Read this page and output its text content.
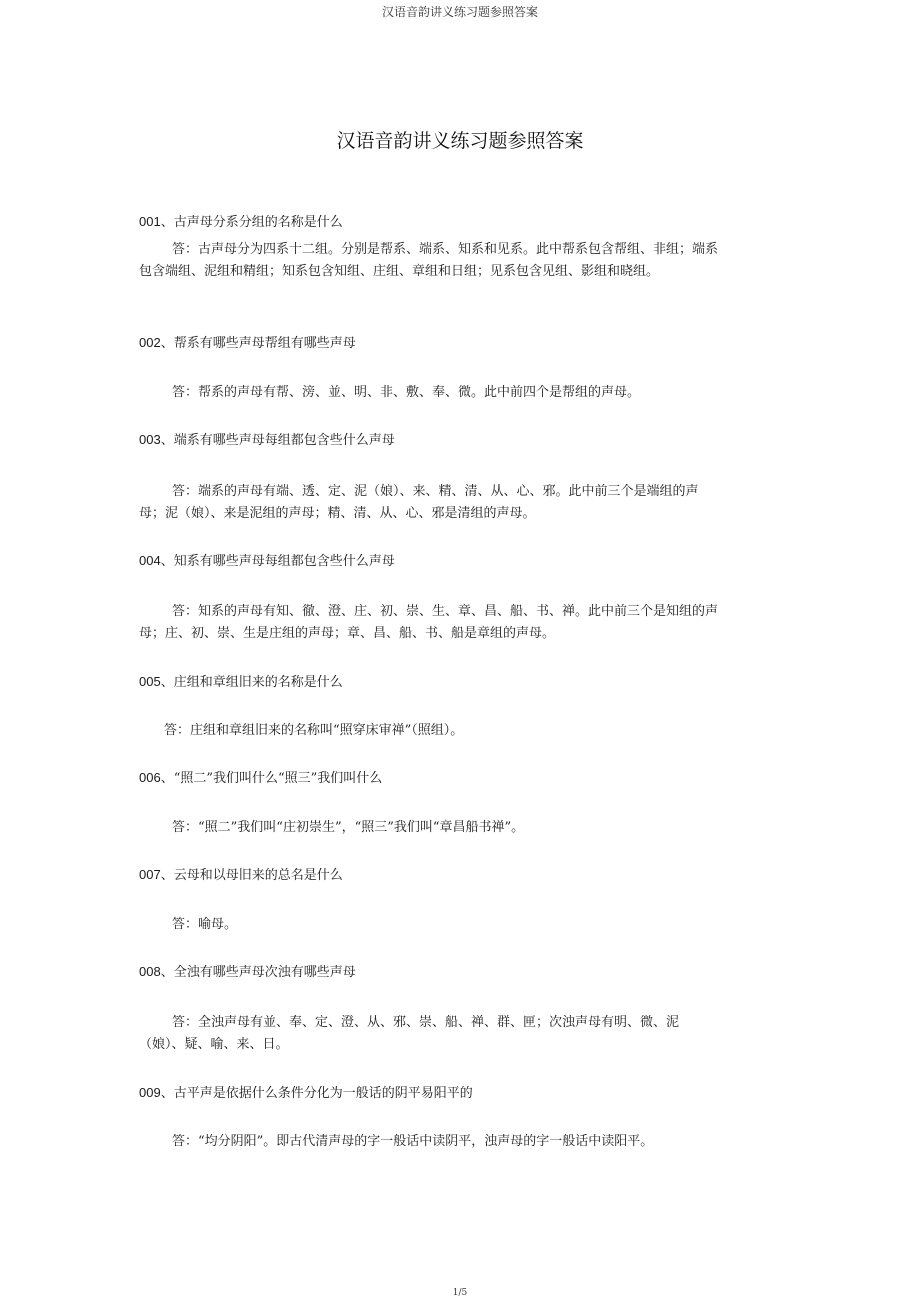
汉语音韵讲义练习题参照答案
汉语音韵讲义练习题参照答案
001、古声母分系分组的名称是什么
答：古声母分为四系十二组。分别是帮系、端系、知系和见系。此中帮系包含帮组、非组；端系包含端组、泥组和精组；知系包含知组、庄组、章组和日组；见系包含见组、影组和晓组。
002、帮系有哪些声母帮组有哪些声母
答：帮系的声母有帮、滂、並、明、非、敷、奉、微。此中前四个是帮组的声母。
003、端系有哪些声母每组都包含些什么声母
答：端系的声母有端、透、定、泥（娘）、来、精、清、从、心、邪。此中前三个是端组的声母；泥（娘）、来是泥组的声母；精、清、从、心、邪是清组的声母。
004、知系有哪些声母每组都包含些什么声母
答：知系的声母有知、徹、澄、庄、初、崇、生、章、昌、船、书、禅。此中前三个是知组的声母；庄、初、崇、生是庄组的声母；章、昌、船、书、船是章组的声母。
005、庄组和章组旧来的名称是什么
答：庄组和章组旧来的名称叫“照穿床审禅”（照组）。
006、“照二”我们叫什么“照三”我们叫什么
答：“照二”我们叫“庄初崇生”，“照三”我们叫“章昌船书禅”。
007、云母和以母旧来的总名是什么
答：喻母。
008、全浊有哪些声母次浊有哪些声母
答：全浊声母有並、奉、定、澄、从、邪、崇、船、禅、群、匣；次浊声母有明、微、泥（娘）、疑、喻、来、日。
009、古平声是依据什么条件分化为一般话的阴平易阳平的
答：“均分阴阳”。即古代清声母的字一般话中读阴平，浊声母的字一般话中读阳平。
1/5
